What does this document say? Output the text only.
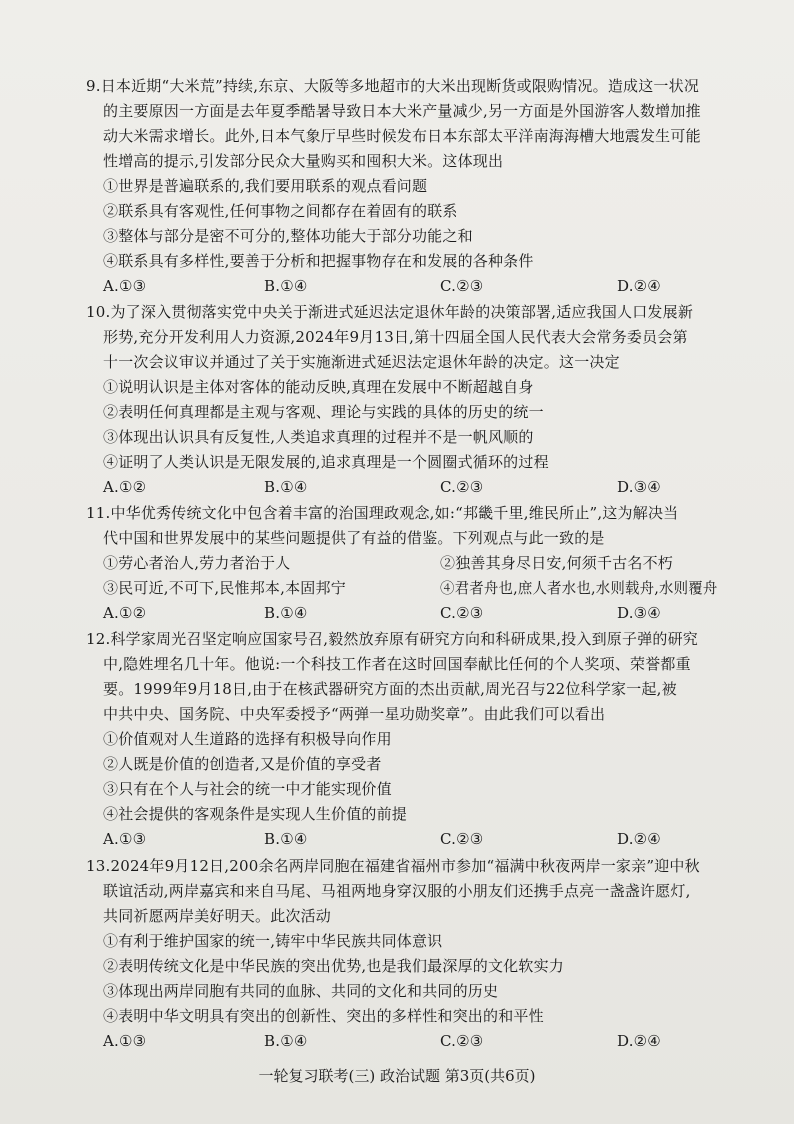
9.日本近期“大米荒”持续,东京、大阪等多地超市的大米出现断货或限购情况。造成这一状况
的主要原因一方面是去年夏季酷暑导致日本大米产量减少,另一方面是外国游客人数增加推
动大米需求增长。此外,日本气象厅早些时候发布日本东部太平洋南海海槽大地震发生可能
性增高的提示,引发部分民众大量购买和囤积大米。这体现出
①世界是普遍联系的,我们要用联系的观点看问题
②联系具有客观性,任何事物之间都存在着固有的联系
③整体与部分是密不可分的,整体功能大于部分功能之和
④联系具有多样性,要善于分析和把握事物存在和发展的各种条件
A.①③	B.①④	C.②③	D.②④
10.为了深入贯彻落实党中央关于渐进式延迟法定退休年龄的决策部署,适应我国人口发展新
形势,充分开发利用人力资源,2024年9月13日,第十四届全国人民代表大会常务委员会第
十一次会议审议并通过了关于实施渐进式延迟法定退休年龄的决定。这一决定
①说明认识是主体对客体的能动反映,真理在发展中不断超越自身
②表明任何真理都是主观与客观、理论与实践的具体的历史的统一
③体现出认识具有反复性,人类追求真理的过程并不是一帆风顺的
④证明了人类认识是无限发展的,追求真理是一个圆圈式循环的过程
A.①②	B.①④	C.②③	D.③④
11.中华优秀传统文化中包含着丰富的治国理政观念,如:“邦畿千里,维民所止”,这为解决当
代中国和世界发展中的某些问题提供了有益的借鉴。下列观点与此一致的是
①劳心者治人,劳力者治于人	②独善其身尽日安,何须千古名不朽
③民可近,不可下,民惟邦本,本固邦宁	④君者舟也,庶人者水也,水则载舟,水则覆舟
A.①②	B.①④	C.②③	D.③④
12.科学家周光召坚定响应国家号召,毅然放弃原有研究方向和科研成果,投入到原子弹的研究
中,隐姓埋名几十年。他说:一个科技工作者在这时回国奉献比任何的个人奖项、荣誉都重
要。1999年9月18日,由于在核武器研究方面的杰出贡献,周光召与22位科学家一起,被
中共中央、国务院、中央军委授予“两弹一星功勋奖章”。由此我们可以看出
①价值观对人生道路的选择有积极导向作用
②人既是价值的创造者,又是价值的享受者
③只有在个人与社会的统一中才能实现价值
④社会提供的客观条件是实现人生价值的前提
A.①③	B.①④	C.②③	D.②④
13.2024年9月12日,200余名两岸同胞在福建省福州市参加“福满中秋夜两岸一家亲”迎中秋
联谊活动,两岸嘉宾和来自马尾、马祖两地身穿汉服的小朋友们还携手点亮一盏盏许愿灯,
共同祈愿两岸美好明天。此次活动
①有利于维护国家的统一,铸牢中华民族共同体意识
②表明传统文化是中华民族的突出优势,也是我们最深厚的文化软实力
③体现出两岸同胞有共同的血脉、共同的文化和共同的历史
④表明中华文明具有突出的创新性、突出的多样性和突出的和平性
A.①③	B.①④	C.②③	D.②④
一轮复习联考(三) 政治试题 第3页(共6页)
